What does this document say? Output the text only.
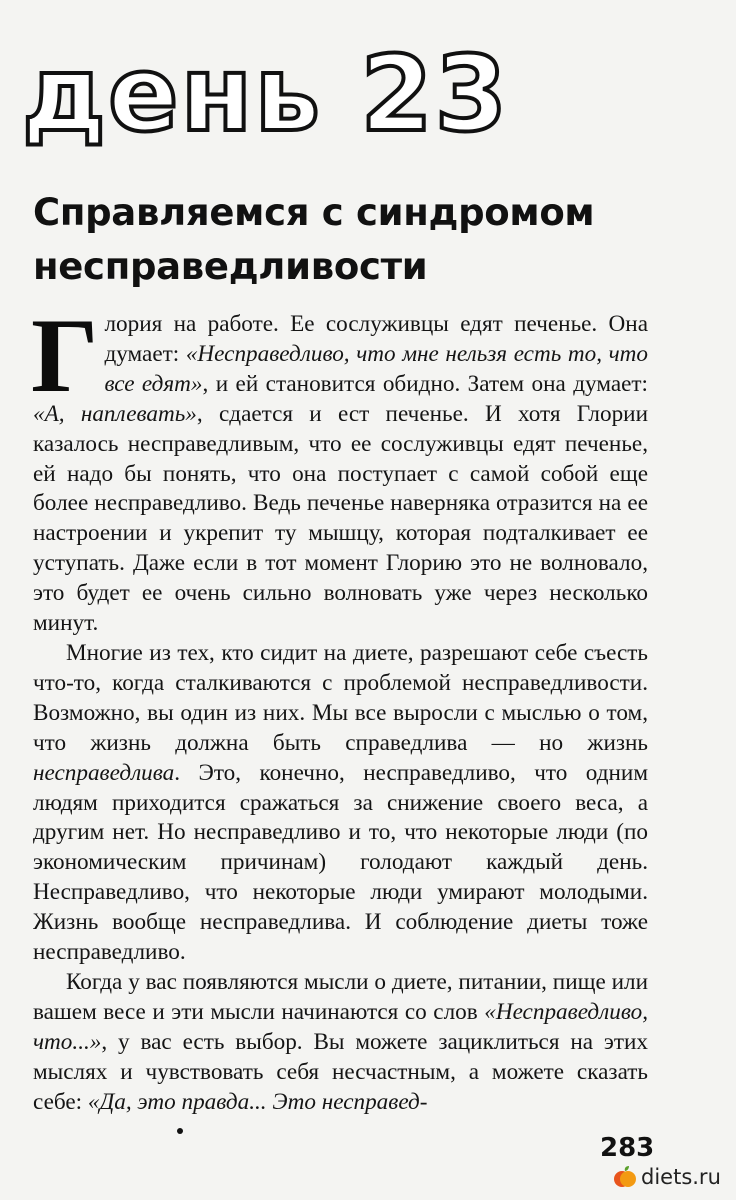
день 23
Справляемся с синдромом несправедливости

Глория на работе. Ее сослуживцы едят печенье. Она думает: «Несправедливо, что мне нельзя есть то, что все едят», и ей становится обидно. Затем она думает: «А, наплевать», сдается и ест печенье. И хотя Глории казалось несправедливым, что ее сослуживцы едят печенье, ей надо бы понять, что она поступает с самой собой еще более несправедливо. Ведь печенье наверняка отразится на ее настроении и укрепит ту мышцу, которая подталкивает ее уступать. Даже если в тот момент Глорию это не волновало, это будет ее очень сильно волновать уже через несколько минут.

Многие из тех, кто сидит на диете, разрешают себе съесть что-то, когда сталкиваются с проблемой несправедливости. Возможно, вы один из них. Мы все выросли с мыслью о том, что жизнь должна быть справедлива — но жизнь несправедлива. Это, конечно, несправедливо, что одним людям приходится сражаться за снижение своего веса, а другим нет. Но несправедливо и то, что некоторые люди (по экономическим причинам) голодают каждый день. Несправедливо, что некоторые люди умирают молодыми. Жизнь вообще несправедлива. И соблюдение диеты тоже несправедливо.

Когда у вас появляются мысли о диете, питании, пище или вашем весе и эти мысли начинаются со слов «Несправедливо, что...», у вас есть выбор. Вы можете зациклиться на этих мыслях и чувствовать себя несчастным, а можете сказать себе: «Да, это правда... Это несправед-

283
diets.ru
